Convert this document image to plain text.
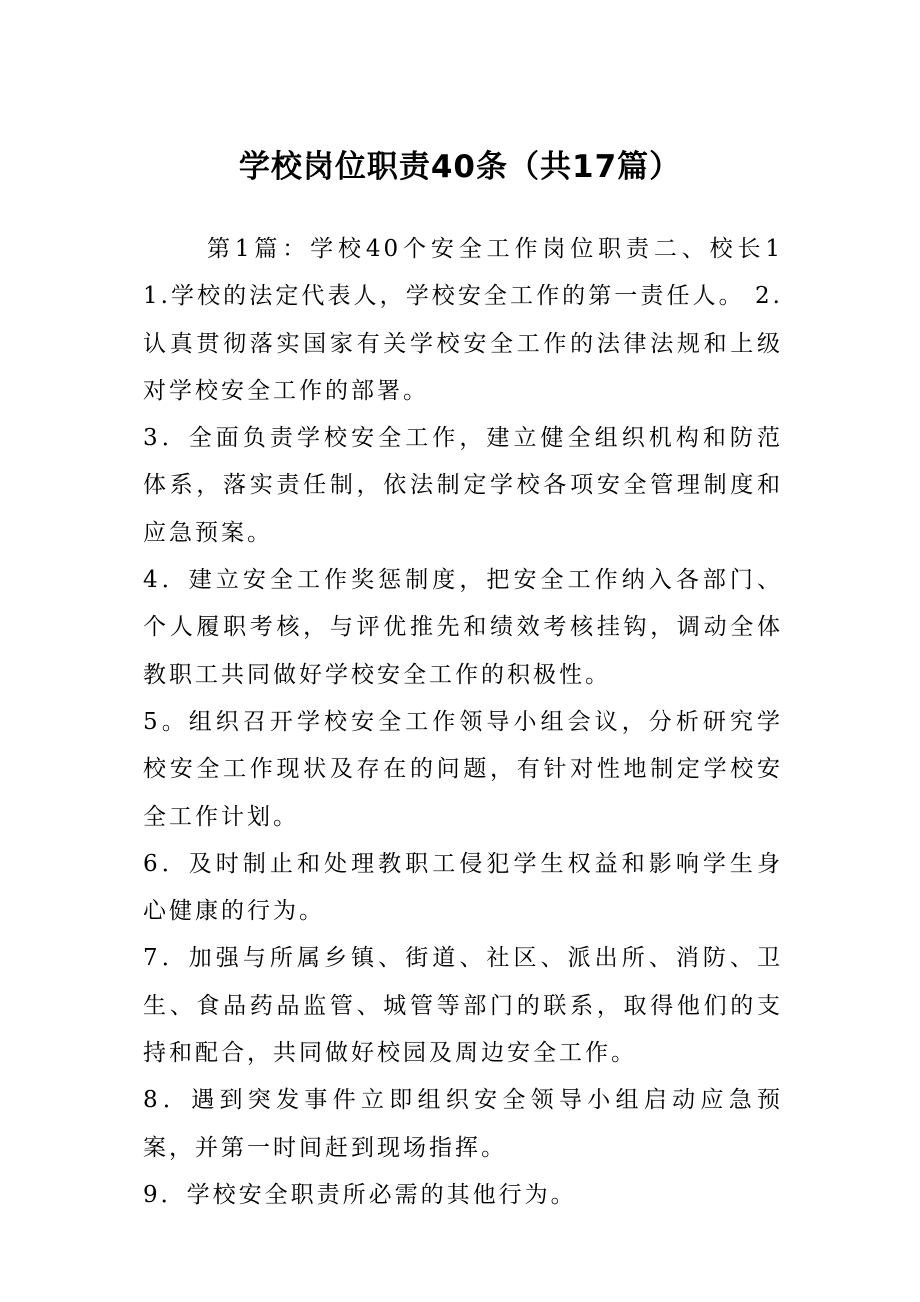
学校岗位职责40条（共17篇）

第1篇：学校40个安全工作岗位职责二、校长1 1.学校的法定代表人，学校安全工作的第一责任人。 2.认真贯彻落实国家有关学校安全工作的法律法规和上级对学校安全工作的部署。

3．全面负责学校安全工作，建立健全组织机构和防范体系，落实责任制，依法制定学校各项安全管理制度和应急预案。

4．建立安全工作奖惩制度，把安全工作纳入各部门、个人履职考核，与评优推先和绩效考核挂钩，调动全体教职工共同做好学校安全工作的积极性。

5。组织召开学校安全工作领导小组会议，分析研究学校安全工作现状及存在的问题，有针对性地制定学校安全工作计划。

6．及时制止和处理教职工侵犯学生权益和影响学生身心健康的行为。

7．加强与所属乡镇、街道、社区、派出所、消防、卫生、食品药品监管、城管等部门的联系，取得他们的支持和配合，共同做好校园及周边安全工作。

8．遇到突发事件立即组织安全领导小组启动应急预案，并第一时间赶到现场指挥。

9．学校安全职责所必需的其他行为。
